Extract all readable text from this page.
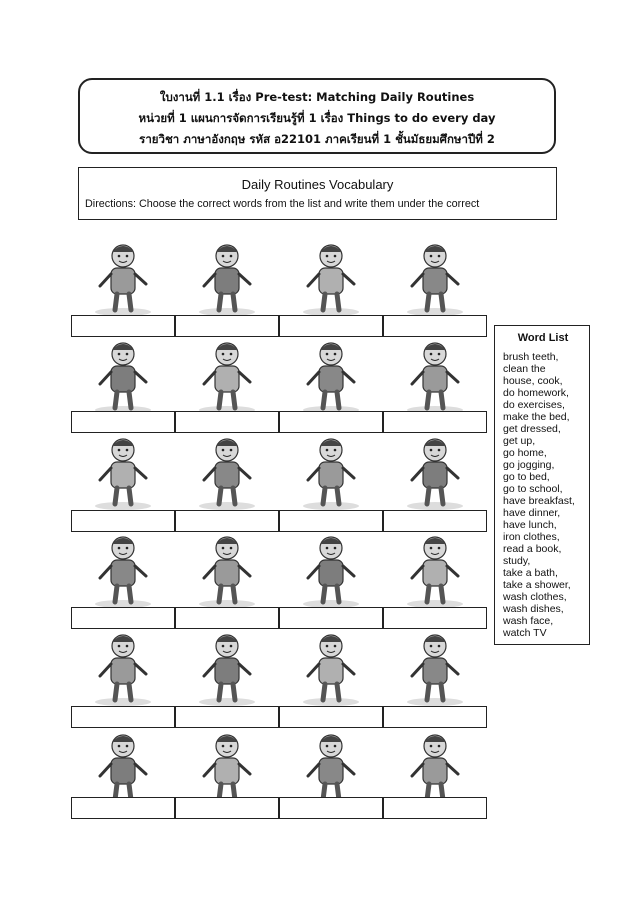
ใบงานที่ 1.1 เรื่อง Pre-test: Matching Daily Routines
หน่วยที่ 1 แผนการจัดการเรียนรู้ที่ 1 เรื่อง Things to do every day
รายวิชา ภาษาอังกฤษ รหัส อ22101 ภาคเรียนที่ 1 ชั้นมัธยมศึกษาปีที่ 2
Daily Routines Vocabulary
Directions: Choose the correct words from the list and write them under the correct
Word List
brush teeth,
clean the
house, cook,
do homework,
do exercises,
make the bed,
get dressed,
get up,
go home,
go jogging,
go to bed,
go to school,
have breakfast,
have dinner,
have lunch,
iron clothes,
read a book,
study,
take a bath,
take a shower,
wash clothes,
wash dishes,
wash face,
watch TV
